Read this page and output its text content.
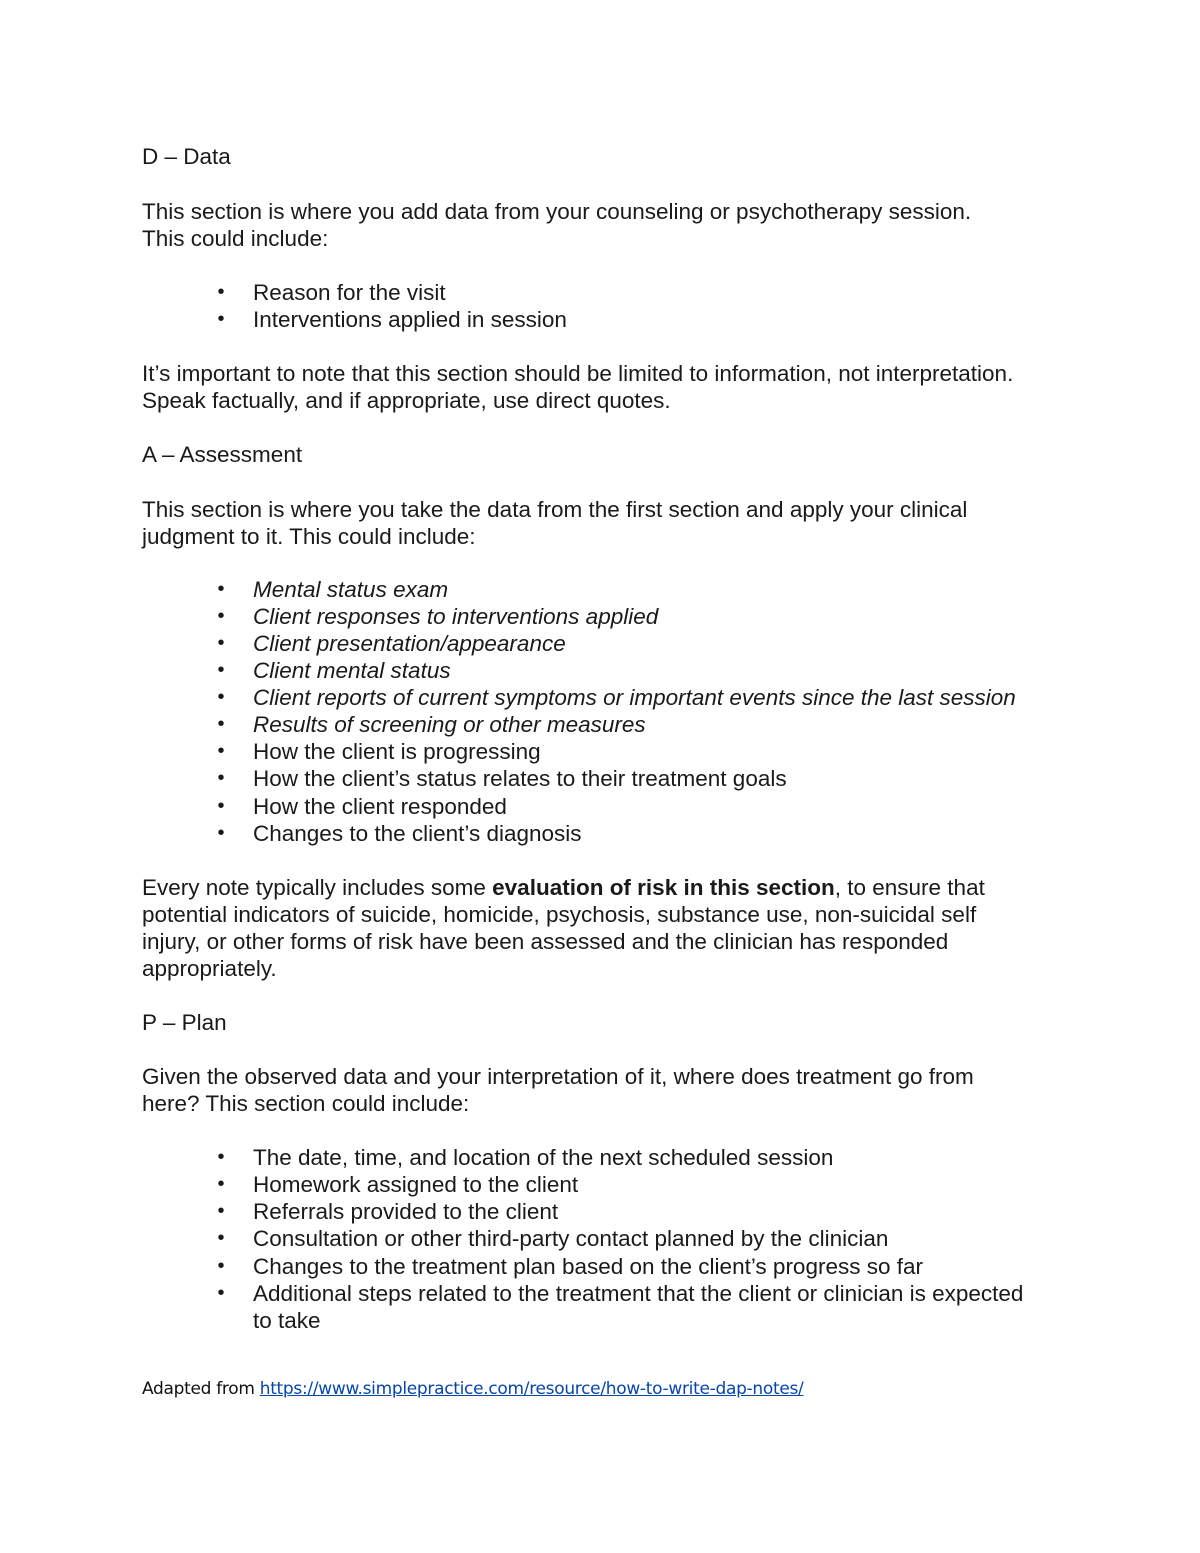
D – Data
This section is where you add data from your counseling or psychotherapy session.
This could include:
• Reason for the visit
• Interventions applied in session
It’s important to note that this section should be limited to information, not interpretation.
Speak factually, and if appropriate, use direct quotes.
A – Assessment
This section is where you take the data from the first section and apply your clinical
judgment to it. This could include:
• Mental status exam
• Client responses to interventions applied
• Client presentation/appearance
• Client mental status
• Client reports of current symptoms or important events since the last session
• Results of screening or other measures
• How the client is progressing
• How the client’s status relates to their treatment goals
• How the client responded
• Changes to the client’s diagnosis
Every note typically includes some evaluation of risk in this section, to ensure that
potential indicators of suicide, homicide, psychosis, substance use, non-suicidal self
injury, or other forms of risk have been assessed and the clinician has responded
appropriately.
P – Plan
Given the observed data and your interpretation of it, where does treatment go from
here? This section could include:
• The date, time, and location of the next scheduled session
• Homework assigned to the client
• Referrals provided to the client
• Consultation or other third-party contact planned by the clinician
• Changes to the treatment plan based on the client’s progress so far
• Additional steps related to the treatment that the client or clinician is expected
to take
Adapted from https://www.simplepractice.com/resource/how-to-write-dap-notes/
